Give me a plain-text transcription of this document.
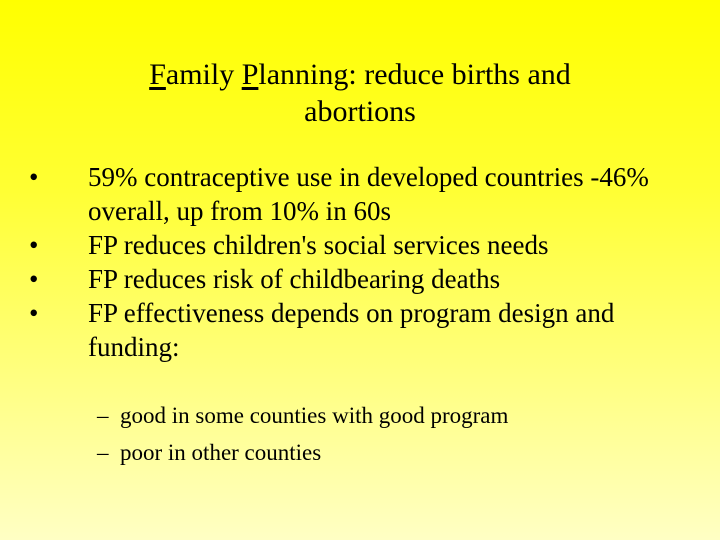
Family Planning: reduce births and
abortions
•	59% contraceptive use in developed countries -46% overall, up from 10% in 60s
•	FP reduces children's social services needs
•	FP reduces risk of childbearing deaths
•	FP effectiveness depends on program design and funding:
– good in some counties with good program
– poor in other counties
